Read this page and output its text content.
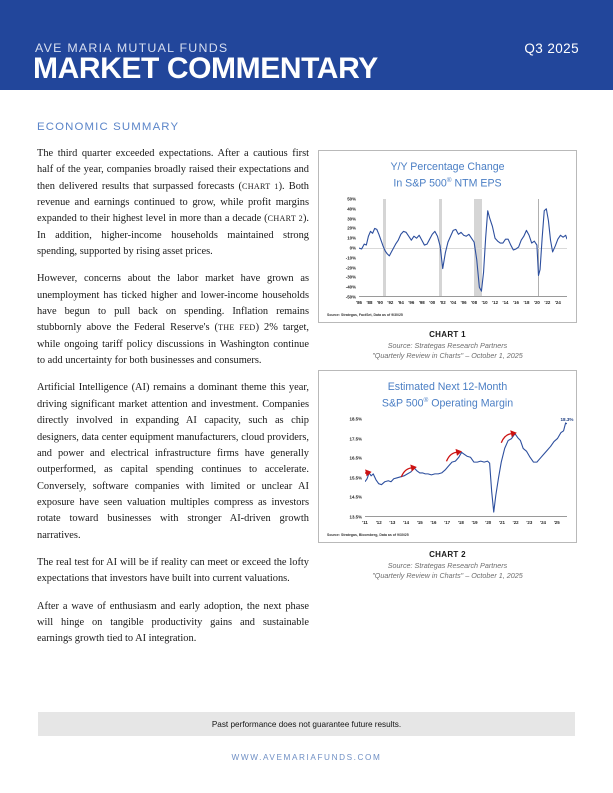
AVE MARIA MUTUAL FUNDS
MARKET COMMENTARY
Q3 2025
ECONOMIC SUMMARY

The third quarter exceeded expectations. After a cautious first half of the year, companies broadly raised their expectations and then delivered results that surpassed forecasts (CHART 1). Both revenue and earnings continued to grow, while profit margins expanded to their highest level in more than a decade (CHART 2). In addition, higher-income households maintained strong spending, supported by rising asset prices.

However, concerns about the labor market have grown as unemployment has ticked higher and lower-income households have begun to pull back on spending. Inflation remains stubbornly above the Federal Reserve's (THE FED) 2% target, while ongoing tariff policy discussions in Washington continue to add uncertainty for both businesses and consumers.

Artificial Intelligence (AI) remains a dominant theme this year, driving significant market attention and investment. Companies directly involved in expanding AI capacity, such as chip designers, data center equipment manufacturers, cloud providers, and power and electrical infrastructure firms have generally outperformed, as capital spending continues to accelerate. Conversely, software companies with limited or unclear AI exposure have seen valuation multiples compress as investors rotate toward businesses with stronger AI-driven growth narratives.

The real test for AI will be if reality can meet or exceed the lofty expectations that investors have built into current valuations.

After a wave of enthusiasm and early adoption, the next phase will hinge on tangible productivity gains and sustainable earnings growth tied to AI integration.

Y/Y Percentage Change
In S&P 500® NTM EPS
50%
40%
30%
20%
10%
0%
-10%
-20%
-30%
-40%
-50%
'86 '88 '90 '92 '94 '96 '98 '00 '02 '04 '06 '08 '10 '12 '14 '16 '18 '20 '22 '24
Source: Strategas, FactSet, Data as of 9/30/25
CHART 1
Source: Strategas Research Partners
"Quarterly Review in Charts" – October 1, 2025
Estimated Next 12-Month
S&P 500® Operating Margin
18.5%
17.5%
16.5%
15.5%
14.5%
13.5%
'11 '12 '13 '14 '15 '16 '17 '18 '19 '20 '21 '22 '23 '24 '25
18.3%
Source: Strategas, Bloomberg, Data as of 9/30/25
CHART 2
Source: Strategas Research Partners
"Quarterly Review in Charts" – October 1, 2025
Past performance does not guarantee future results.
WWW.AVEMARIAFUNDS.COM
